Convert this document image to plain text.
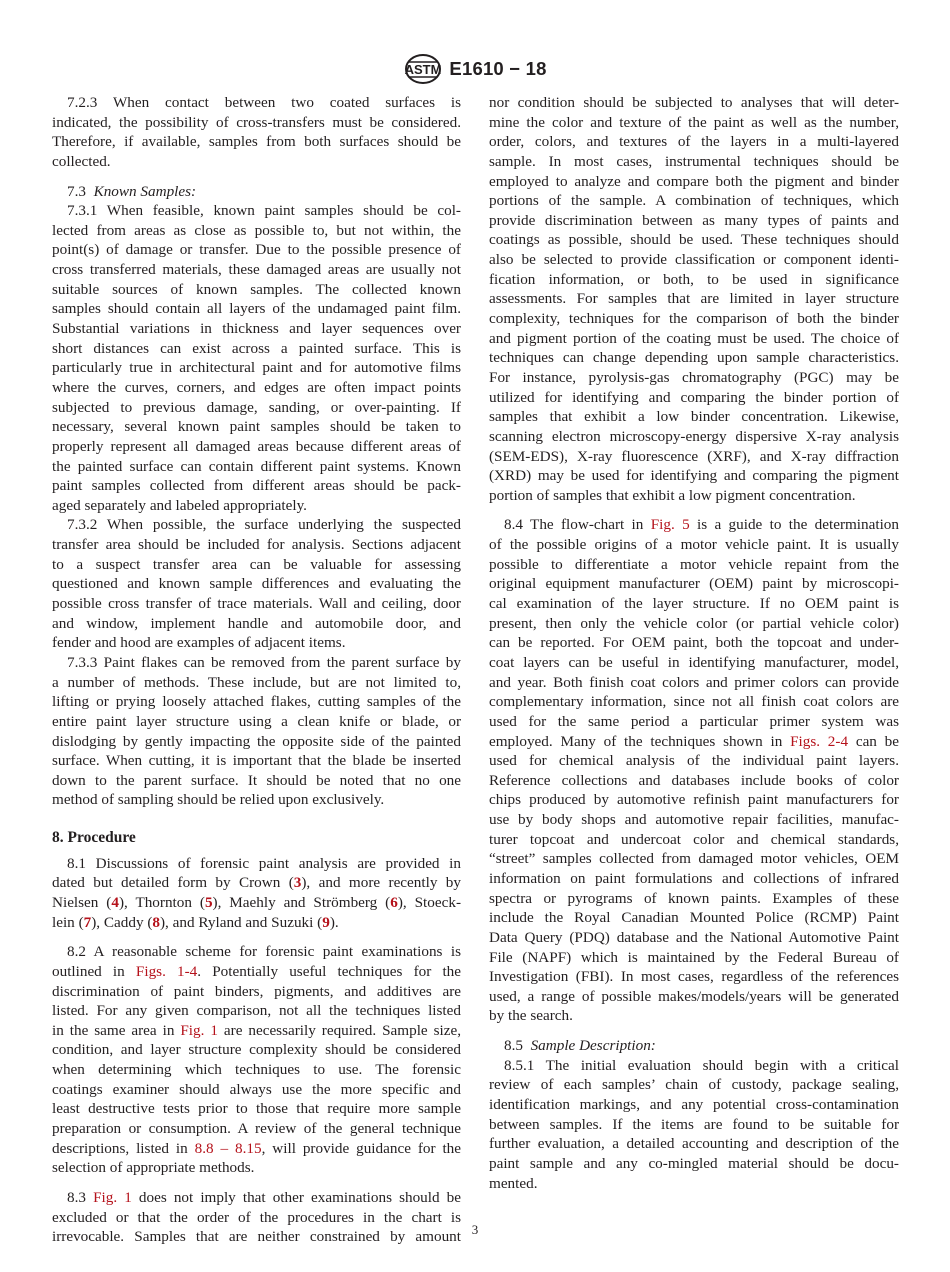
ASTM E1610 − 18
7.2.3 When contact between two coated surfaces is
indicated, the possibility of cross-transfers must be considered.
Therefore, if available, samples from both surfaces should be
collected.
7.3 Known Samples:
7.3.1 When feasible, known paint samples should be col-
lected from areas as close as possible to, but not within, the
point(s) of damage or transfer. Due to the possible presence of
cross transferred materials, these damaged areas are usually not
suitable sources of known samples. The collected known
samples should contain all layers of the undamaged paint film.
Substantial variations in thickness and layer sequences over
short distances can exist across a painted surface. This is
particularly true in architectural paint and for automotive films
where the curves, corners, and edges are often impact points
subjected to previous damage, sanding, or over-painting. If
necessary, several known paint samples should be taken to
properly represent all damaged areas because different areas of
the painted surface can contain different paint systems. Known
paint samples collected from different areas should be pack-
aged separately and labeled appropriately.
7.3.2 When possible, the surface underlying the suspected
transfer area should be included for analysis. Sections adjacent
to a suspect transfer area can be valuable for assessing
questioned and known sample differences and evaluating the
possible cross transfer of trace materials. Wall and ceiling, door
and window, implement handle and automobile door, and
fender and hood are examples of adjacent items.
7.3.3 Paint flakes can be removed from the parent surface by
a number of methods. These include, but are not limited to,
lifting or prying loosely attached flakes, cutting samples of the
entire paint layer structure using a clean knife or blade, or
dislodging by gently impacting the opposite side of the painted
surface. When cutting, it is important that the blade be inserted
down to the parent surface. It should be noted that no one
method of sampling should be relied upon exclusively.
8. Procedure
8.1 Discussions of forensic paint analysis are provided in
dated but detailed form by Crown (3), and more recently by
Nielsen (4), Thornton (5), Maehly and Strömberg (6), Stoeck-
lein (7), Caddy (8), and Ryland and Suzuki (9).
8.2 A reasonable scheme for forensic paint examinations is
outlined in Figs. 1-4. Potentially useful techniques for the
discrimination of paint binders, pigments, and additives are
listed. For any given comparison, not all the techniques listed
in the same area in Fig. 1 are necessarily required. Sample size,
condition, and layer structure complexity should be considered
when determining which techniques to use. The forensic
coatings examiner should always use the more specific and
least destructive tests prior to those that require more sample
preparation or consumption. A review of the general technique
descriptions, listed in 8.8 – 8.15, will provide guidance for the
selection of appropriate methods.
8.3 Fig. 1 does not imply that other examinations should be
excluded or that the order of the procedures in the chart is
irrevocable. Samples that are neither constrained by amount
nor condition should be subjected to analyses that will deter-
mine the color and texture of the paint as well as the number,
order, colors, and textures of the layers in a multi-layered
sample. In most cases, instrumental techniques should be
employed to analyze and compare both the pigment and binder
portions of the sample. A combination of techniques, which
provide discrimination between as many types of paints and
coatings as possible, should be used. These techniques should
also be selected to provide classification or component identi-
fication information, or both, to be used in significance
assessments. For samples that are limited in layer structure
complexity, techniques for the comparison of both the binder
and pigment portion of the coating must be used. The choice of
techniques can change depending upon sample characteristics.
For instance, pyrolysis-gas chromatography (PGC) may be
utilized for identifying and comparing the binder portion of
samples that exhibit a low binder concentration. Likewise,
scanning electron microscopy-energy dispersive X-ray analysis
(SEM-EDS), X-ray fluorescence (XRF), and X-ray diffraction
(XRD) may be used for identifying and comparing the pigment
portion of samples that exhibit a low pigment concentration.
8.4 The flow-chart in Fig. 5 is a guide to the determination
of the possible origins of a motor vehicle paint. It is usually
possible to differentiate a motor vehicle repaint from the
original equipment manufacturer (OEM) paint by microscopi-
cal examination of the layer structure. If no OEM paint is
present, then only the vehicle color (or partial vehicle color)
can be reported. For OEM paint, both the topcoat and under-
coat layers can be useful in identifying manufacturer, model,
and year. Both finish coat colors and primer colors can provide
complementary information, since not all finish coat colors are
used for the same period a particular primer system was
employed. Many of the techniques shown in Figs. 2-4 can be
used for chemical analysis of the individual paint layers.
Reference collections and databases include books of color
chips produced by automotive refinish paint manufacturers for
use by body shops and automotive repair facilities, manufac-
turer topcoat and undercoat color and chemical standards,
“street” samples collected from damaged motor vehicles, OEM
information on paint formulations and collections of infrared
spectra or pyrograms of known paints. Examples of these
include the Royal Canadian Mounted Police (RCMP) Paint
Data Query (PDQ) database and the National Automotive Paint
File (NAPF) which is maintained by the Federal Bureau of
Investigation (FBI). In most cases, regardless of the references
used, a range of possible makes/models/years will be generated
by the search.
8.5 Sample Description:
8.5.1 The initial evaluation should begin with a critical
review of each samples’ chain of custody, package sealing,
identification markings, and any potential cross-contamination
between samples. If the items are found to be suitable for
further evaluation, a detailed accounting and description of the
paint sample and any co-mingled material should be docu-
mented.
3
